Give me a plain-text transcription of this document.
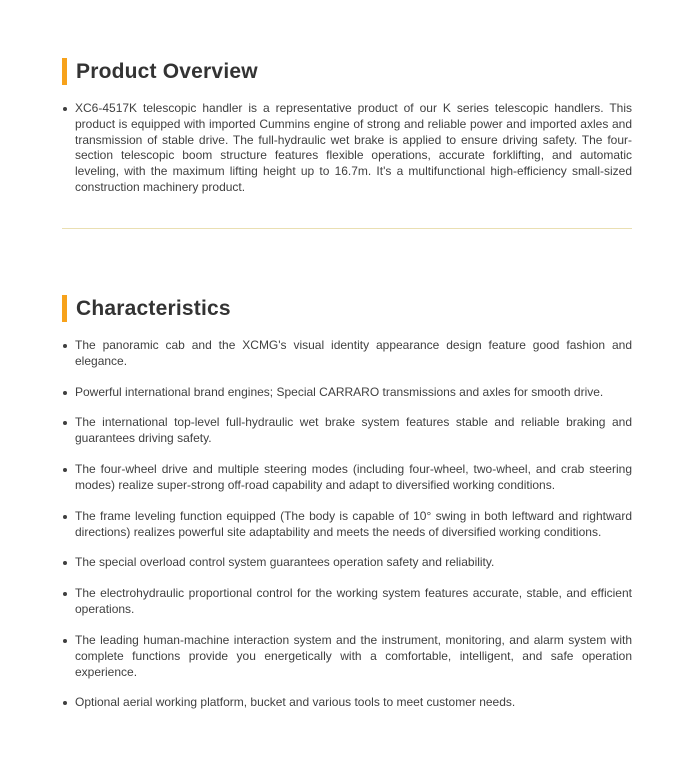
Product Overview
XC6-4517K telescopic handler is a representative product of our K series telescopic handlers. This product is equipped with imported Cummins engine of strong and reliable power and imported axles and transmission of stable drive. The full-hydraulic wet brake is applied to ensure driving safety. The four-section telescopic boom structure features flexible operations, accurate forklifting, and automatic leveling, with the maximum lifting height up to 16.7m. It's a multifunctional high-efficiency small-sized construction machinery product.
Characteristics
The panoramic cab and the XCMG's visual identity appearance design feature good fashion and elegance.
Powerful international brand engines; Special CARRARO transmissions and axles for smooth drive.
The international top-level full-hydraulic wet brake system features stable and reliable braking and guarantees driving safety.
The four-wheel drive and multiple steering modes (including four-wheel, two-wheel, and crab steering modes) realize super-strong off-road capability and adapt to diversified working conditions.
The frame leveling function equipped (The body is capable of 10° swing in both leftward and rightward directions) realizes powerful site adaptability and meets the needs of diversified working conditions.
The special overload control system guarantees operation safety and reliability.
The electrohydraulic proportional control for the working system features accurate, stable, and efficient operations.
The leading human-machine interaction system and the instrument, monitoring, and alarm system with complete functions provide you energetically with a comfortable, intelligent, and safe operation experience.
Optional aerial working platform, bucket and various tools to meet customer needs.
